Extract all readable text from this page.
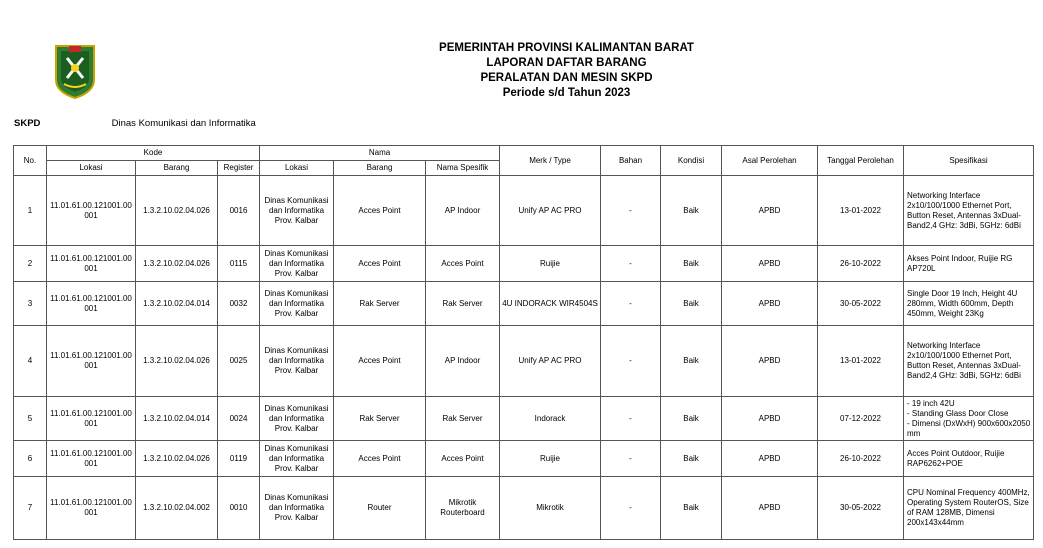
PEMERINTAH PROVINSI KALIMANTAN BARAT
LAPORAN DAFTAR BARANG
PERALATAN DAN MESIN SKPD
Periode s/d Tahun 2023
SKPD	Dinas Komunikasi dan Informatika
No.	Kode			Nama			Merk / Type	Bahan	Kondisi	Asal Perolehan	Tanggal Perolehan	Spesifikasi
	Lokasi	Barang	Register	Lokasi	Barang	Nama Spesifik						
1	11.01.61.00.121001.00 001	1.3.2.10.02.04.026	0016	Dinas Komunikasi dan Informatika Prov. Kalbar	Acces Point	AP Indoor	Unify AP AC PRO	-	Baik	APBD	13-01-2022	Networking Interface 2x10/100/1000 Ethernet Port, Button Reset, Antennas 3xDual-Band2,4 GHz: 3dBi, 5GHz: 6dBi
2	11.01.61.00.121001.00 001	1.3.2.10.02.04.026	0115	Dinas Komunikasi dan Informatika Prov. Kalbar	Acces Point	Acces Point	Ruijie	-	Baik	APBD	26-10-2022	Akses Point Indoor, Ruijie RG AP720L
3	11.01.61.00.121001.00 001	1.3.2.10.02.04.014	0032	Dinas Komunikasi dan Informatika Prov. Kalbar	Rak Server	Rak Server	4U INDORACK WIR4504S	-	Baik	APBD	30-05-2022	Single Door 19 Inch, Height 4U 280mm, Width 600mm, Depth 450mm, Weight 23Kg
4	11.01.61.00.121001.00 001	1.3.2.10.02.04.026	0025	Dinas Komunikasi dan Informatika Prov. Kalbar	Acces Point	AP Indoor	Unify AP AC PRO	-	Baik	APBD	13-01-2022	Networking Interface 2x10/100/1000 Ethernet Port, Button Reset, Antennas 3xDual-Band2,4 GHz: 3dBi, 5GHz: 6dBi
5	11.01.61.00.121001.00 001	1.3.2.10.02.04.014	0024	Dinas Komunikasi dan Informatika Prov. Kalbar	Rak Server	Rak Server	Indorack	-	Baik	APBD	07-12-2022	- 19 inch 42U
- Standing Glass Door Close
- Dimensi (DxWxH) 900x600x2050 mm
6	11.01.61.00.121001.00 001	1.3.2.10.02.04.026	0119	Dinas Komunikasi dan Informatika Prov. Kalbar	Acces Point	Acces Point	Ruijie	-	Baik	APBD	26-10-2022	Acces Point Outdoor, Ruijie RAP6262+POE
7	11.01.61.00.121001.00 001	1.3.2.10.02.04.002	0010	Dinas Komunikasi dan Informatika Prov. Kalbar	Router	Mikrotik Routerboard	Mikrotik	-	Baik	APBD	30-05-2022	CPU Nominal Frequency 400MHz, Operating System RouterOS, Size of RAM 128MB, Dimensi 200x143x44mm
